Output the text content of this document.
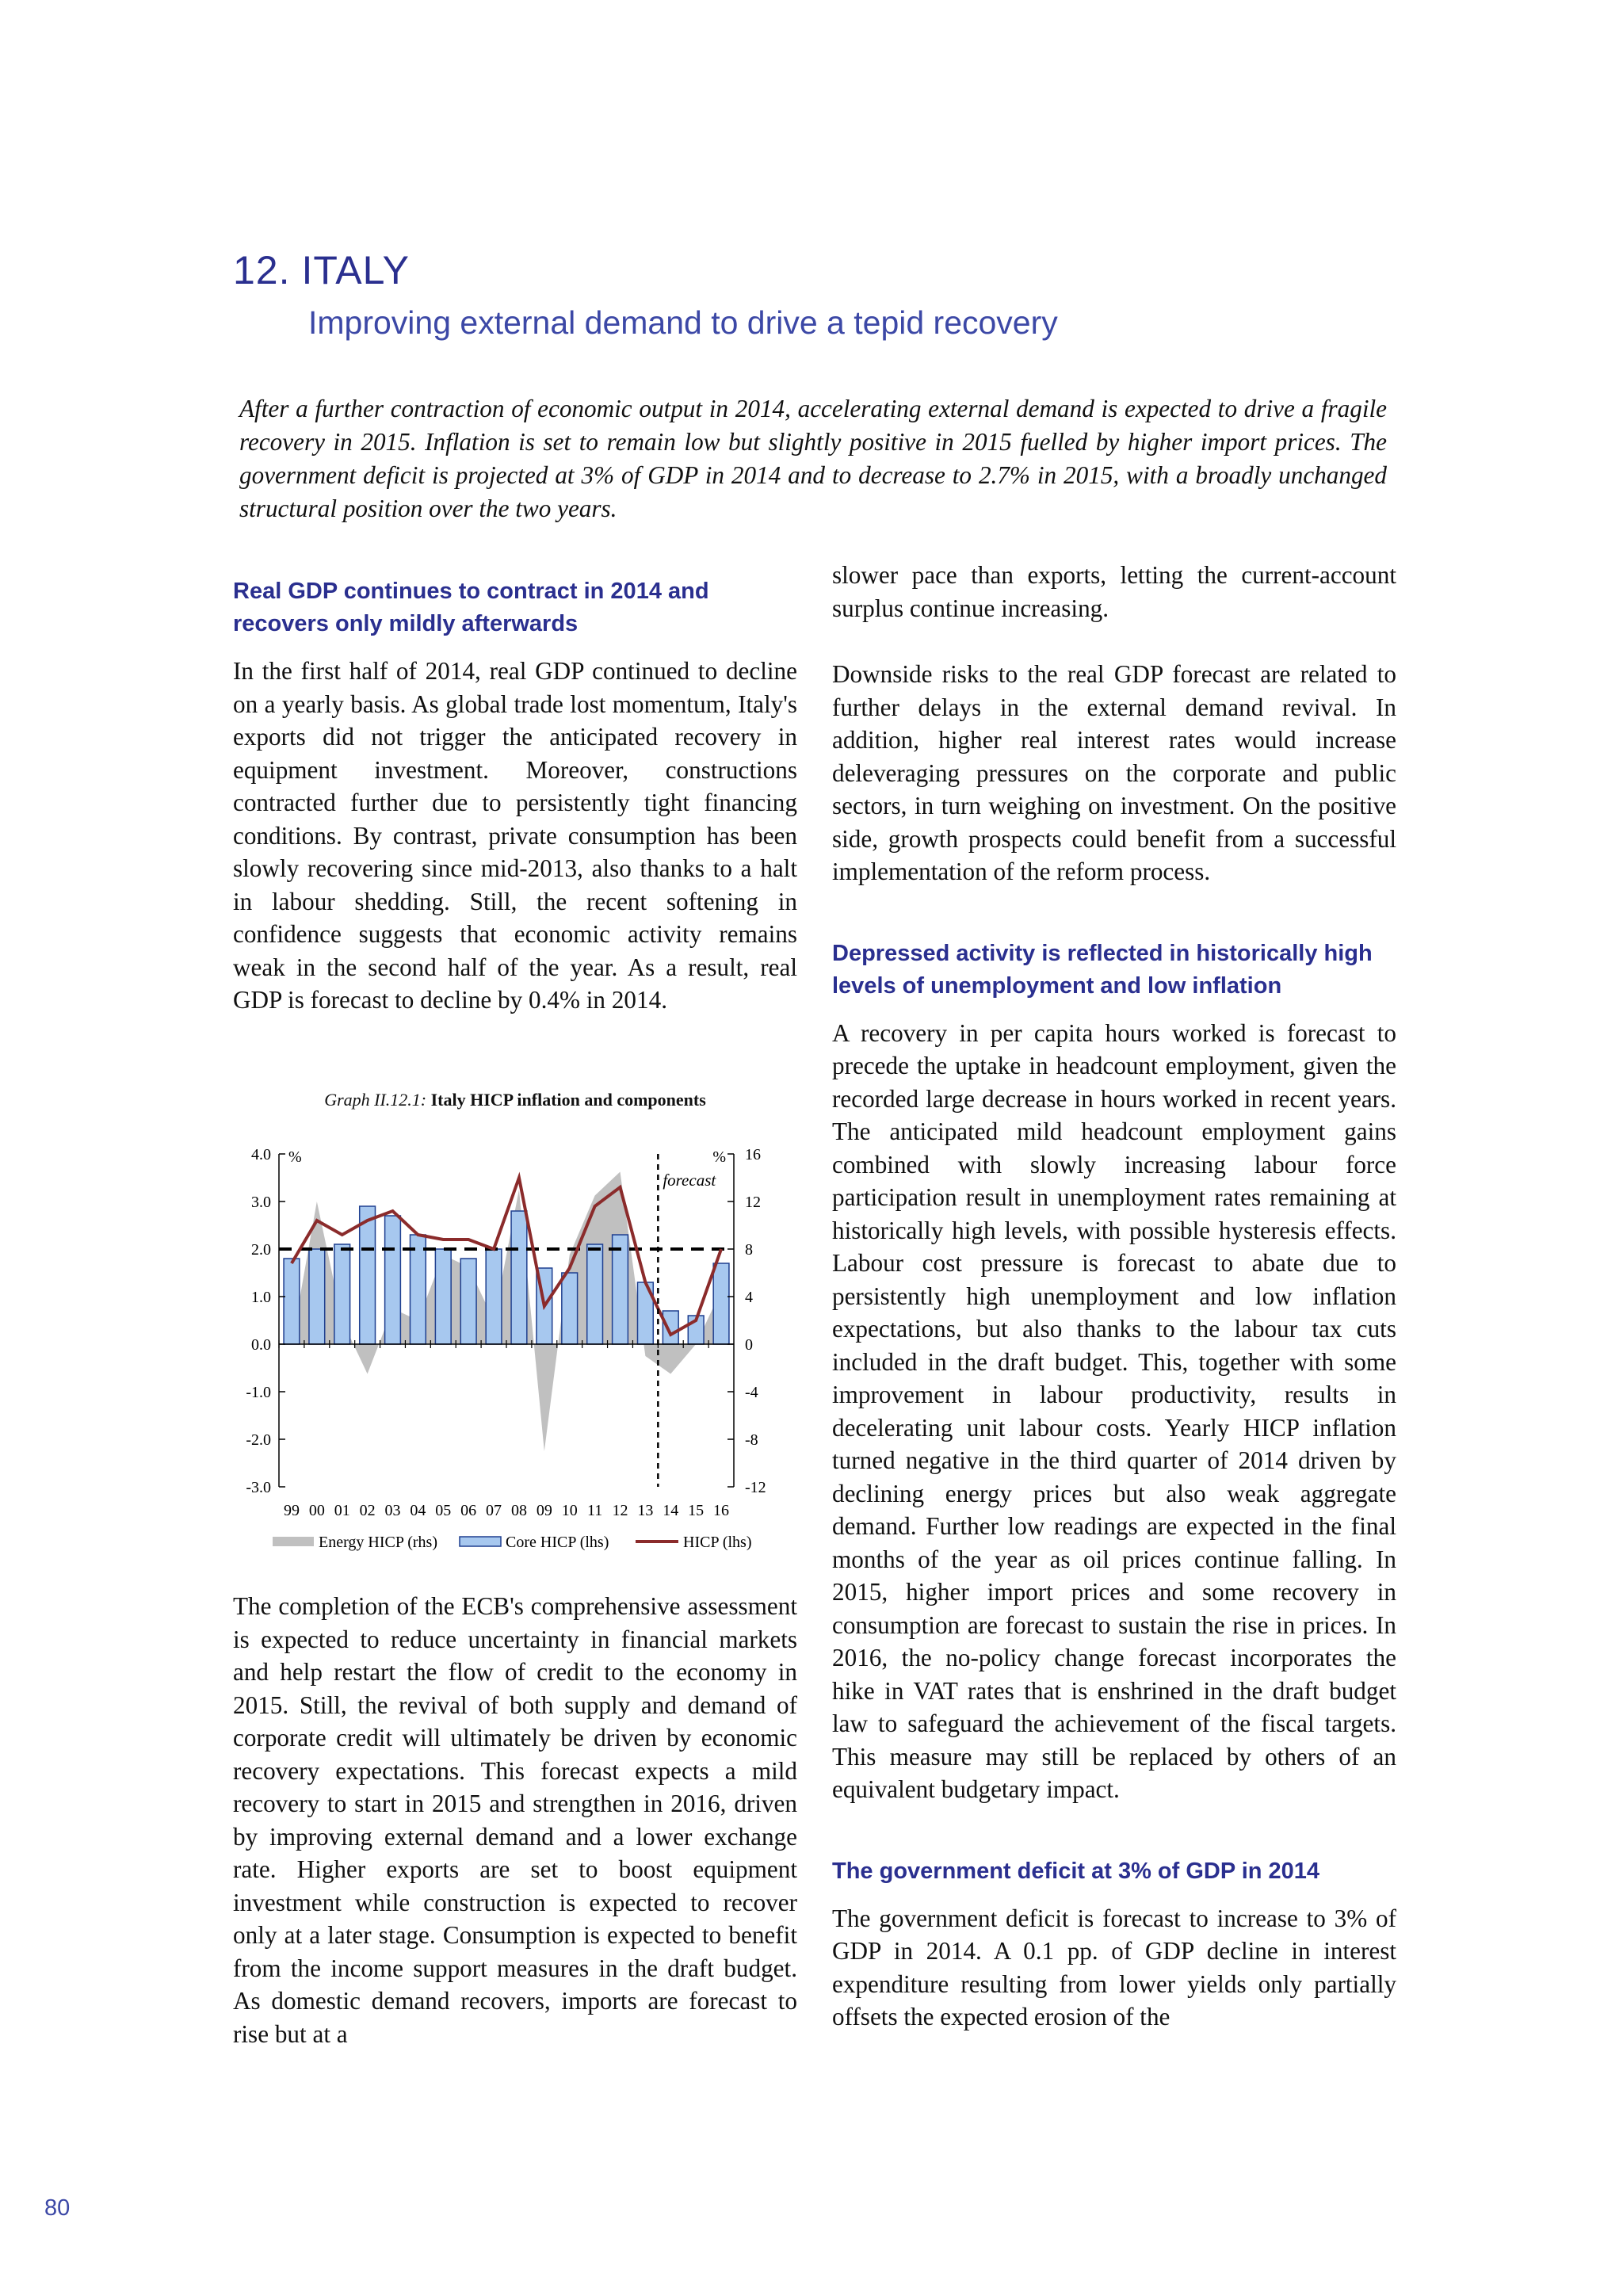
12. ITALY
Improving external demand to drive a tepid recovery

After a further contraction of economic output in 2014, accelerating external demand is expected to drive a fragile recovery in 2015. Inflation is set to remain low but slightly positive in 2015 fuelled by higher import prices. The government deficit is projected at 3% of GDP in 2014 and to decrease to 2.7% in 2015, with a broadly unchanged structural position over the two years.

Real GDP continues to contract in 2014 and recovers only mildly afterwards

In the first half of 2014, real GDP continued to decline on a yearly basis. As global trade lost momentum, Italy's exports did not trigger the anticipated recovery in equipment investment. Moreover, constructions contracted further due to persistently tight financing conditions. By contrast, private consumption has been slowly recovering since mid-2013, also thanks to a halt in labour shedding. Still, the recent softening in confidence suggests that economic activity remains weak in the second half of the year. As a result, real GDP is forecast to decline by 0.4% in 2014.

Graph II.12.1: Italy HICP inflation and components
forecast
4.0
3.0
2.0
1.0
0.0
-1.0
-2.0
-3.0
16
12
8
4
0
-4
-8
-12
99 00 01 02 03 04 05 06 07 08 09 10 11 12 13 14 15 16
%	%
Energy HICP (rhs)	Core HICP (lhs)	HICP (lhs)

The completion of the ECB's comprehensive assessment is expected to reduce uncertainty in financial markets and help restart the flow of credit to the economy in 2015. Still, the revival of both supply and demand of corporate credit will ultimately be driven by economic recovery expectations. This forecast expects a mild recovery to start in 2015 and strengthen in 2016, driven by improving external demand and a lower exchange rate. Higher exports are set to boost equipment investment while construction is expected to recover only at a later stage. Consumption is expected to benefit from the income support measures in the draft budget. As domestic demand recovers, imports are forecast to rise but at a

slower pace than exports, letting the current-account surplus continue increasing.

Downside risks to the real GDP forecast are related to further delays in the external demand revival. In addition, higher real interest rates would increase deleveraging pressures on the corporate and public sectors, in turn weighing on investment. On the positive side, growth prospects could benefit from a successful implementation of the reform process.

Depressed activity is reflected in historically high levels of unemployment and low inflation

A recovery in per capita hours worked is forecast to precede the uptake in headcount employment, given the recorded large decrease in hours worked in recent years. The anticipated mild headcount employment gains combined with slowly increasing labour force participation result in unemployment rates remaining at historically high levels, with possible hysteresis effects. Labour cost pressure is forecast to abate due to persistently high unemployment and low inflation expectations, but also thanks to the labour tax cuts included in the draft budget. This, together with some improvement in labour productivity, results in decelerating unit labour costs. Yearly HICP inflation turned negative in the third quarter of 2014 driven by declining energy prices but also weak aggregate demand. Further low readings are expected in the final months of the year as oil prices continue falling. In 2015, higher import prices and some recovery in consumption are forecast to sustain the rise in prices. In 2016, the no-policy change forecast incorporates the hike in VAT rates that is enshrined in the draft budget law to safeguard the achievement of the fiscal targets. This measure may still be replaced by others of an equivalent budgetary impact.

The government deficit at 3% of GDP in 2014

The government deficit is forecast to increase to 3% of GDP in 2014. A 0.1 pp. of GDP decline in interest expenditure resulting from lower yields only partially offsets the expected erosion of the

80
